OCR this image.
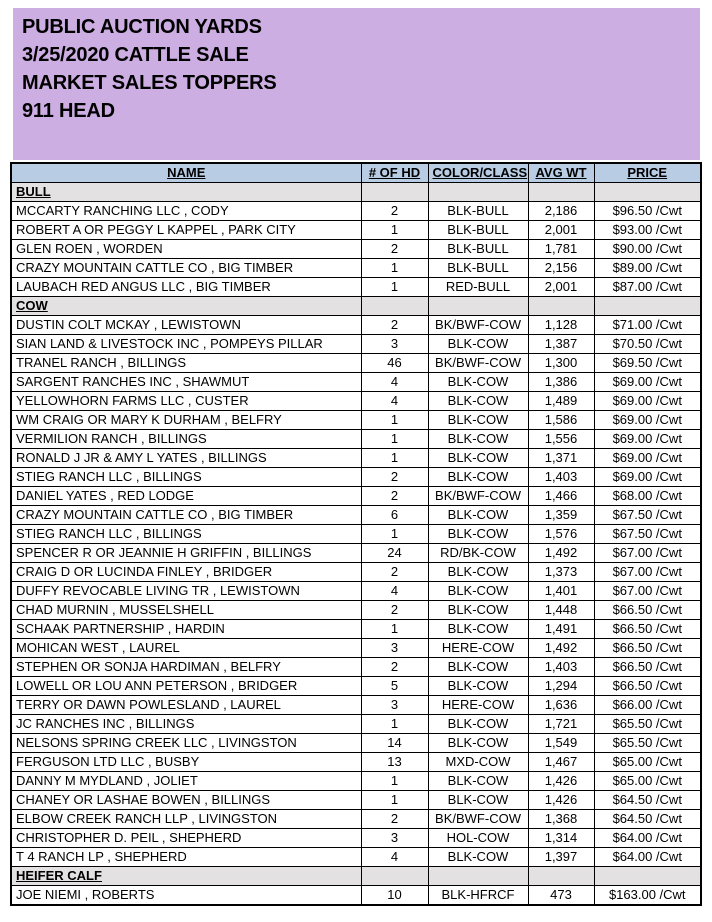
PUBLIC AUCTION YARDS
3/25/2020 CATTLE SALE
MARKET SALES TOPPERS
911 HEAD
NAME	# OF HD	COLOR/CLASS	AVG WT	PRICE
BULL				
MCCARTY RANCHING LLC , CODY	2	BLK-BULL	2,186	$96.50 /Cwt
ROBERT A OR PEGGY L KAPPEL , PARK CITY	1	BLK-BULL	2,001	$93.00 /Cwt
GLEN ROEN , WORDEN	2	BLK-BULL	1,781	$90.00 /Cwt
CRAZY MOUNTAIN CATTLE CO , BIG TIMBER	1	BLK-BULL	2,156	$89.00 /Cwt
LAUBACH RED ANGUS LLC , BIG TIMBER	1	RED-BULL	2,001	$87.00 /Cwt
COW				
DUSTIN COLT MCKAY , LEWISTOWN	2	BK/BWF-COW	1,128	$71.00 /Cwt
SIAN LAND & LIVESTOCK INC , POMPEYS PILLAR	3	BLK-COW	1,387	$70.50 /Cwt
TRANEL RANCH , BILLINGS	46	BK/BWF-COW	1,300	$69.50 /Cwt
SARGENT RANCHES INC , SHAWMUT	4	BLK-COW	1,386	$69.00 /Cwt
YELLOWHORN FARMS LLC , CUSTER	4	BLK-COW	1,489	$69.00 /Cwt
WM CRAIG OR MARY K DURHAM , BELFRY	1	BLK-COW	1,586	$69.00 /Cwt
VERMILION RANCH , BILLINGS	1	BLK-COW	1,556	$69.00 /Cwt
RONALD J JR & AMY L YATES , BILLINGS	1	BLK-COW	1,371	$69.00 /Cwt
STIEG RANCH LLC , BILLINGS	2	BLK-COW	1,403	$69.00 /Cwt
DANIEL YATES , RED LODGE	2	BK/BWF-COW	1,466	$68.00 /Cwt
CRAZY MOUNTAIN CATTLE CO , BIG TIMBER	6	BLK-COW	1,359	$67.50 /Cwt
STIEG RANCH LLC , BILLINGS	1	BLK-COW	1,576	$67.50 /Cwt
SPENCER R OR JEANNIE H GRIFFIN , BILLINGS	24	RD/BK-COW	1,492	$67.00 /Cwt
CRAIG D OR LUCINDA FINLEY , BRIDGER	2	BLK-COW	1,373	$67.00 /Cwt
DUFFY REVOCABLE LIVING TR , LEWISTOWN	4	BLK-COW	1,401	$67.00 /Cwt
CHAD MURNIN , MUSSELSHELL	2	BLK-COW	1,448	$66.50 /Cwt
SCHAAK PARTNERSHIP , HARDIN	1	BLK-COW	1,491	$66.50 /Cwt
MOHICAN WEST , LAUREL	3	HERE-COW	1,492	$66.50 /Cwt
STEPHEN OR SONJA HARDIMAN , BELFRY	2	BLK-COW	1,403	$66.50 /Cwt
LOWELL OR LOU ANN PETERSON , BRIDGER	5	BLK-COW	1,294	$66.50 /Cwt
TERRY OR DAWN POWLESLAND , LAUREL	3	HERE-COW	1,636	$66.00 /Cwt
JC RANCHES INC , BILLINGS	1	BLK-COW	1,721	$65.50 /Cwt
NELSONS SPRING CREEK LLC , LIVINGSTON	14	BLK-COW	1,549	$65.50 /Cwt
FERGUSON LTD LLC , BUSBY	13	MXD-COW	1,467	$65.00 /Cwt
DANNY M MYDLAND , JOLIET	1	BLK-COW	1,426	$65.00 /Cwt
CHANEY OR LASHAE BOWEN , BILLINGS	1	BLK-COW	1,426	$64.50 /Cwt
ELBOW CREEK RANCH LLP , LIVINGSTON	2	BK/BWF-COW	1,368	$64.50 /Cwt
CHRISTOPHER D. PEIL , SHEPHERD	3	HOL-COW	1,314	$64.00 /Cwt
T 4 RANCH LP , SHEPHERD	4	BLK-COW	1,397	$64.00 /Cwt
HEIFER CALF				
JOE NIEMI , ROBERTS	10	BLK-HFRCF	473	$163.00 /Cwt
